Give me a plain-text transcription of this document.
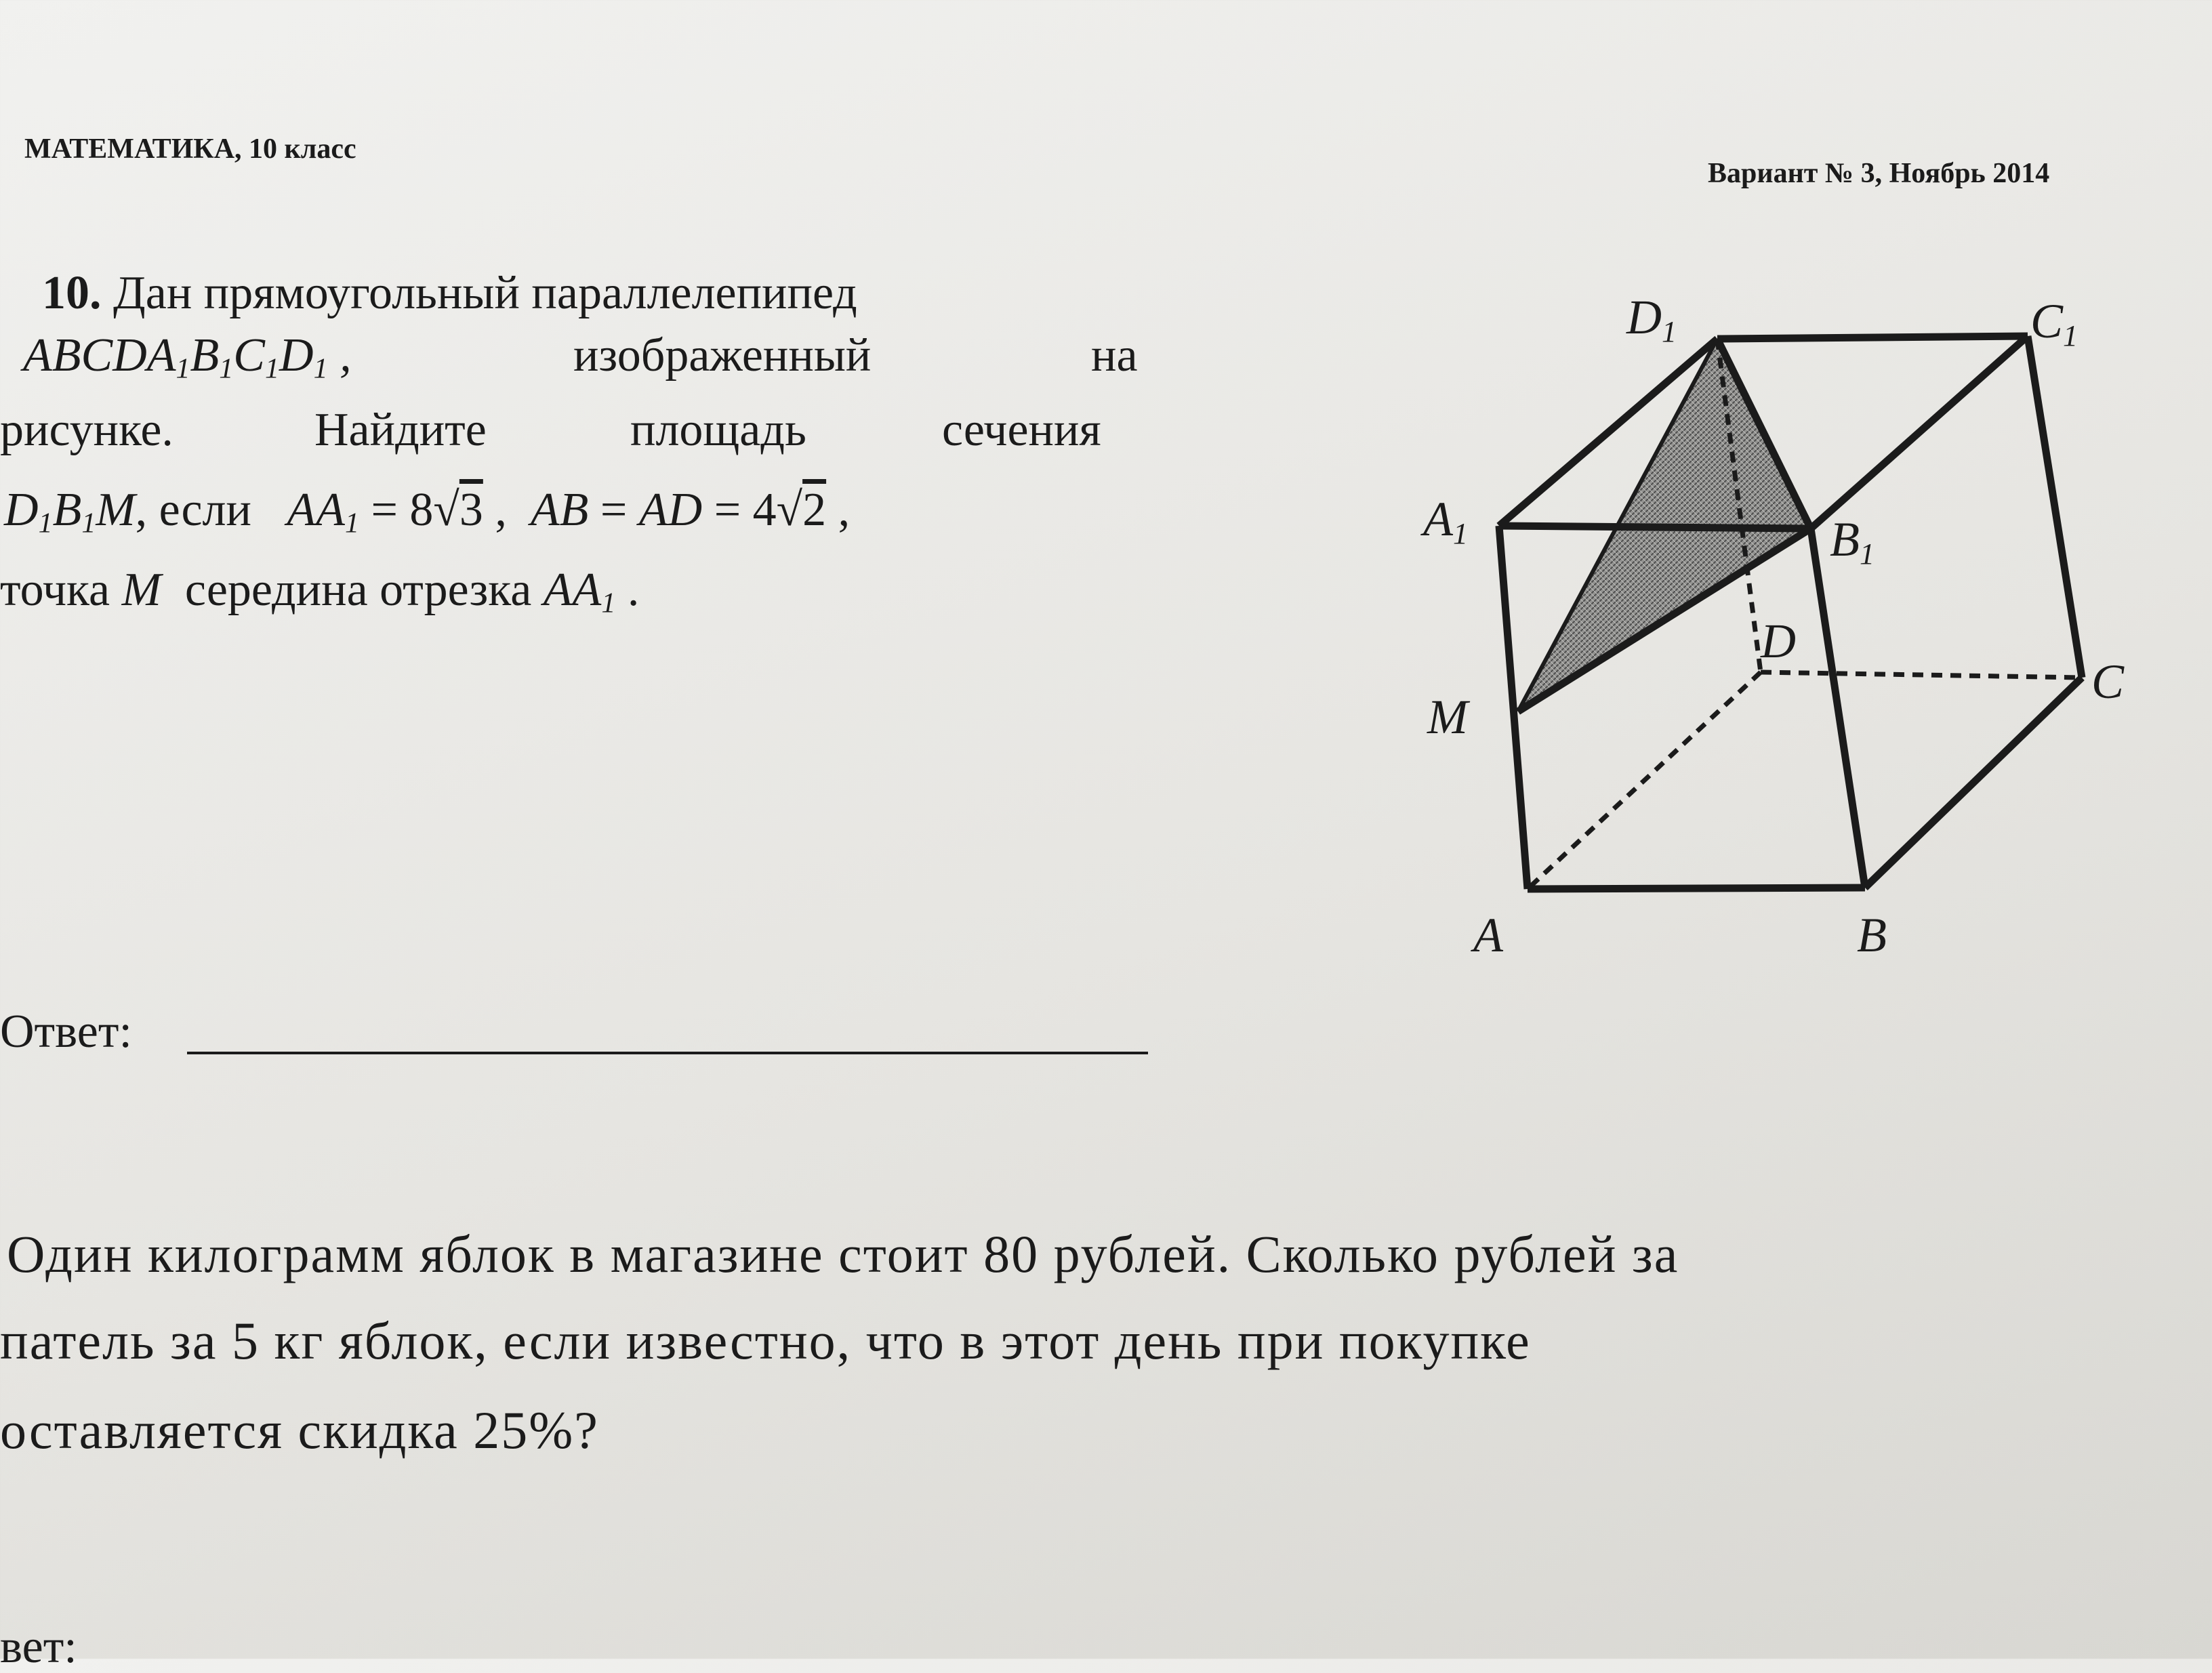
МАТЕМАТИКА, 10 класс
Вариант № 3, Ноябрь 2014
10. Дан прямоугольный параллелепипед
$ABCDA_1B_1C_1D_1$ ,	изображенный	на
рисунке.	Найдите	площадь	сечения
$D_1B_1M$, если $AA_1 = 8√3$ ,  AB = AD = 4√2 ,
точка M середина отрезка $AA_1$ .
Ответ:
D1	C1
A1	B1
D
C
M
A	B
Один килограмм яблок в магазине стоит 80 рублей. Сколько рублей за
патель за 5 кг яблок, если известно, что в этот день при покупке
оставляется скидка 25%?
вет:
